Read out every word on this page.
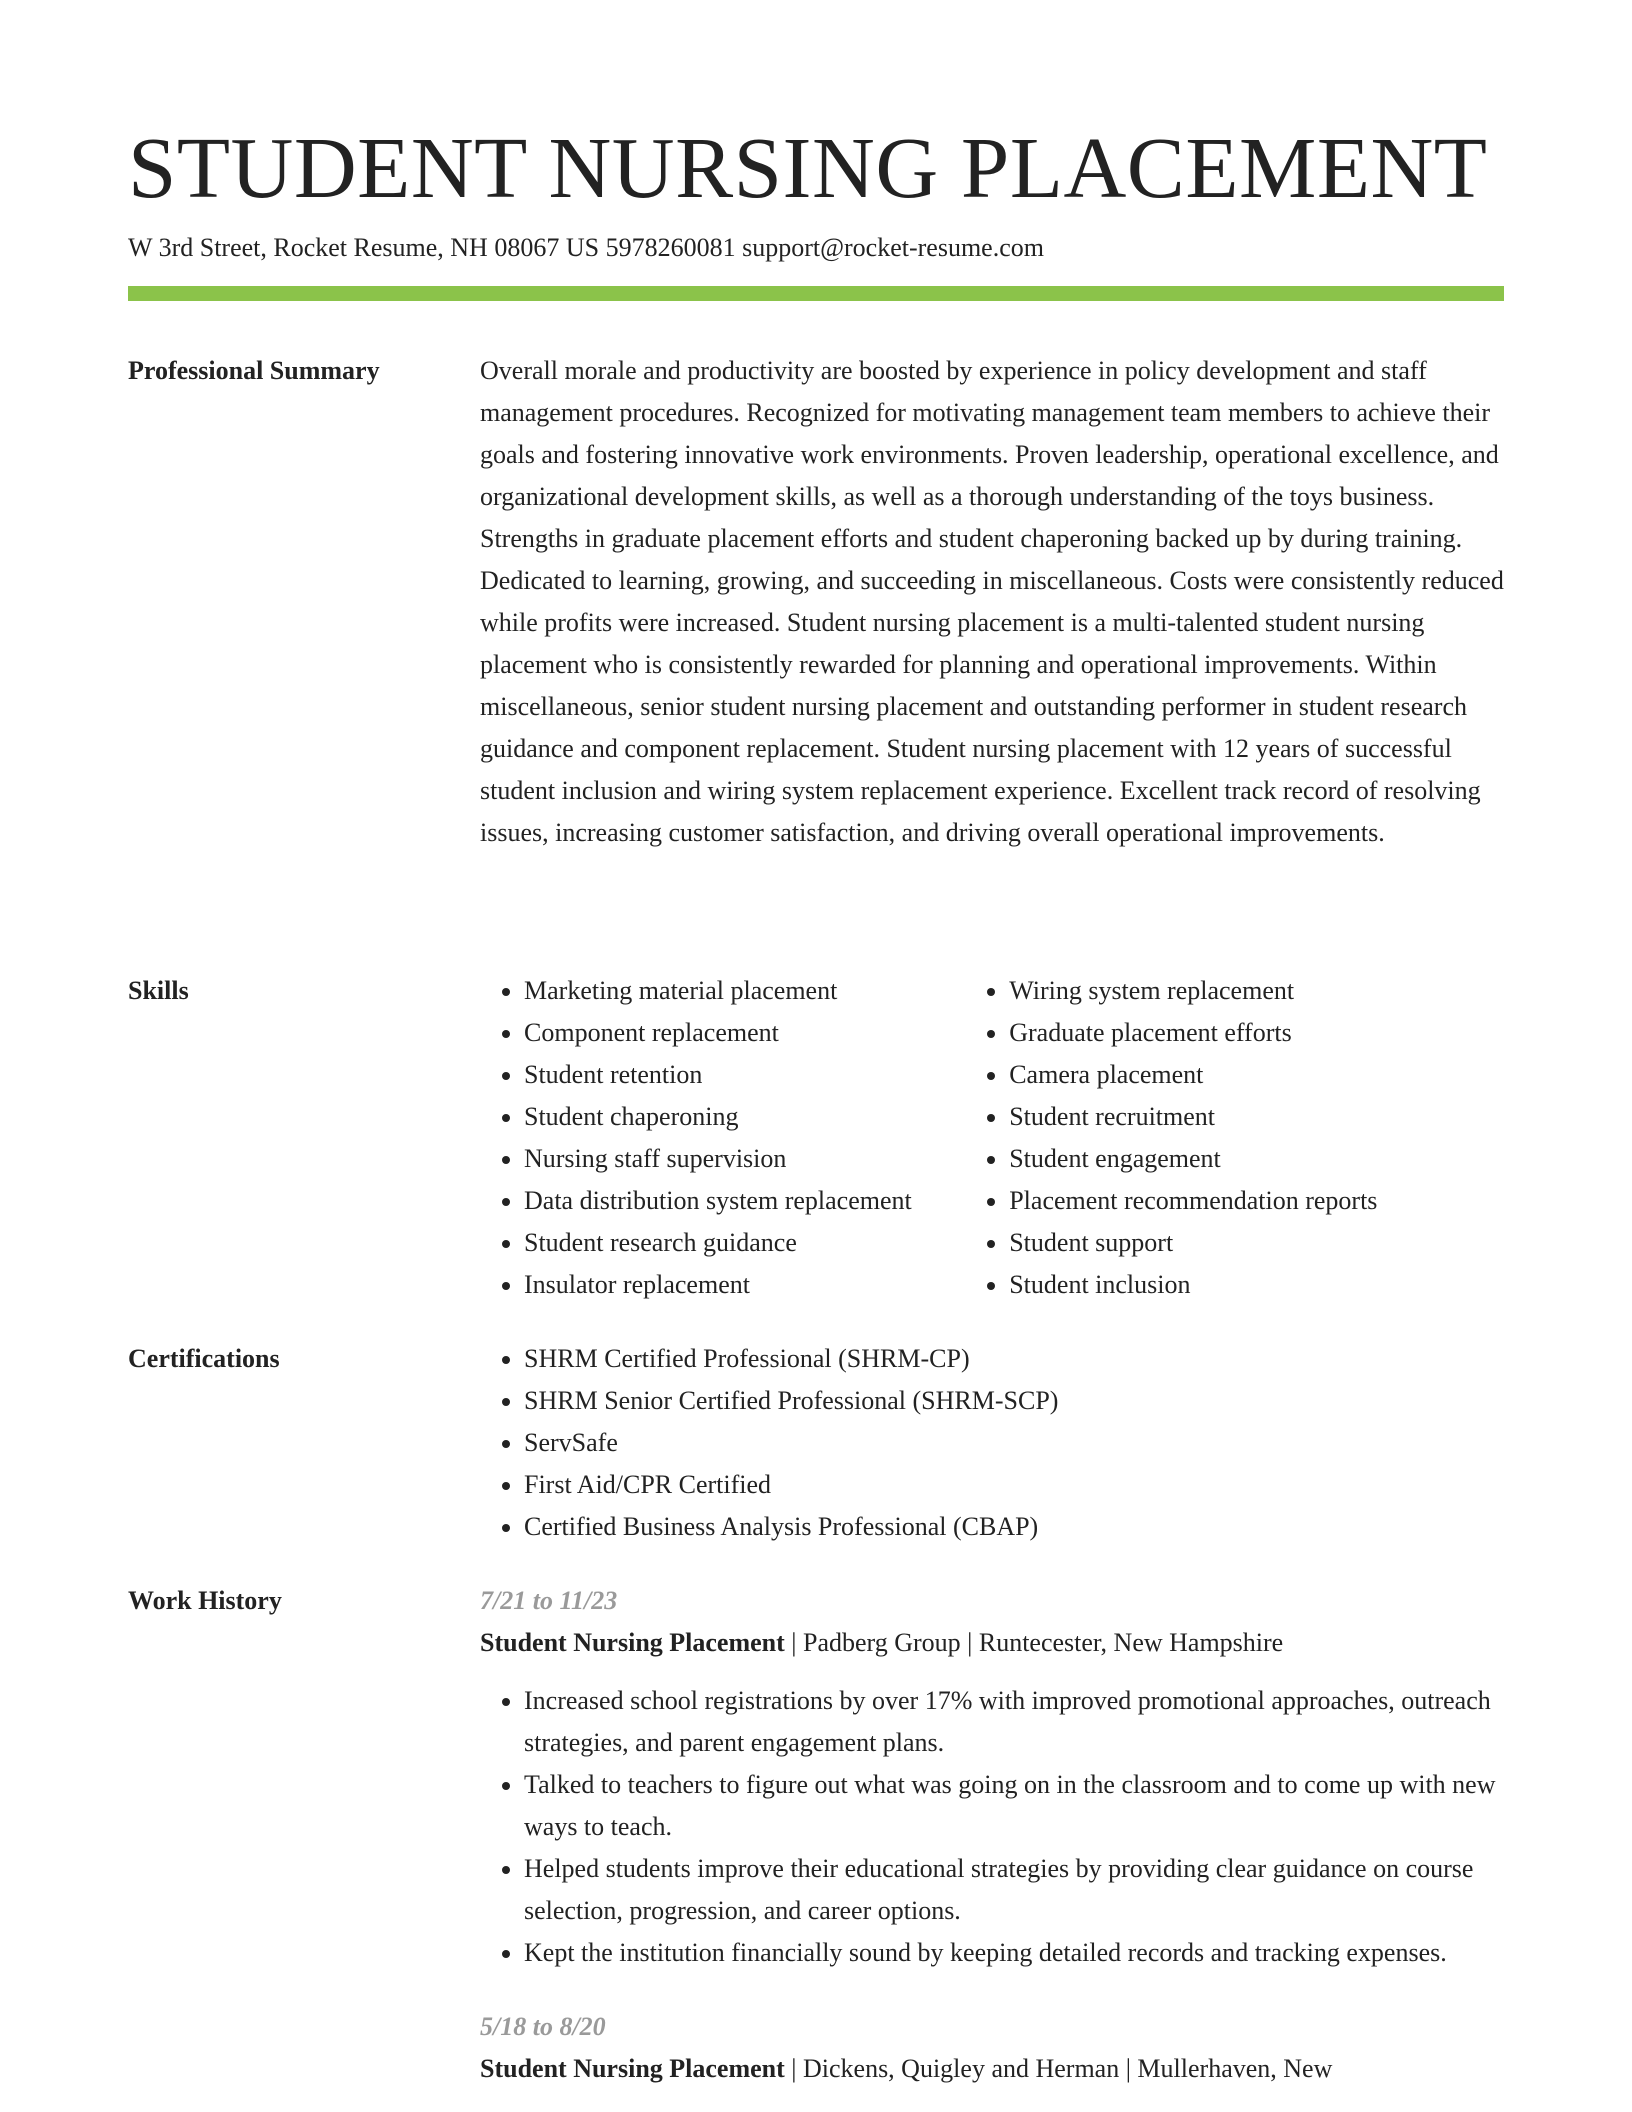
STUDENT NURSING PLACEMENT
W 3rd Street, Rocket Resume, NH 08067 US 5978260081 support@rocket-resume.com
Professional Summary	Overall morale and productivity are boosted by experience in policy development and staff management procedures. Recognized for motivating management team members to achieve their goals and fostering innovative work environments. Proven leadership, operational excellence, and organizational development skills, as well as a thorough understanding of the toys business. Strengths in graduate placement efforts and student chaperoning backed up by during training. Dedicated to learning, growing, and succeeding in miscellaneous. Costs were consistently reduced while profits were increased. Student nursing placement is a multi-talented student nursing placement who is consistently rewarded for planning and operational improvements. Within miscellaneous, senior student nursing placement and outstanding performer in student research guidance and component replacement. Student nursing placement with 12 years of successful student inclusion and wiring system replacement experience. Excellent track record of resolving issues, increasing customer satisfaction, and driving overall operational improvements.

Skills	• Marketing material placement
• Component replacement
• Student retention
• Student chaperoning
• Nursing staff supervision
• Data distribution system replacement
• Student research guidance
• Insulator replacement
• Wiring system replacement
• Graduate placement efforts
• Camera placement
• Student recruitment
• Student engagement
• Placement recommendation reports
• Student support
• Student inclusion
Certifications	• SHRM Certified Professional (SHRM-CP)
• SHRM Senior Certified Professional (SHRM-SCP)
• ServSafe
• First Aid/CPR Certified
• Certified Business Analysis Professional (CBAP)
Work History	7/21 to 11/23
Student Nursing Placement | Padberg Group | Runtecester, New Hampshire
• Increased school registrations by over 17% with improved promotional approaches, outreach strategies, and parent engagement plans.
• Talked to teachers to figure out what was going on in the classroom and to come up with new ways to teach.
• Helped students improve their educational strategies by providing clear guidance on course selection, progression, and career options.
• Kept the institution financially sound by keeping detailed records and tracking expenses.
5/18 to 8/20
Student Nursing Placement | Dickens, Quigley and Herman | Mullerhaven, New
